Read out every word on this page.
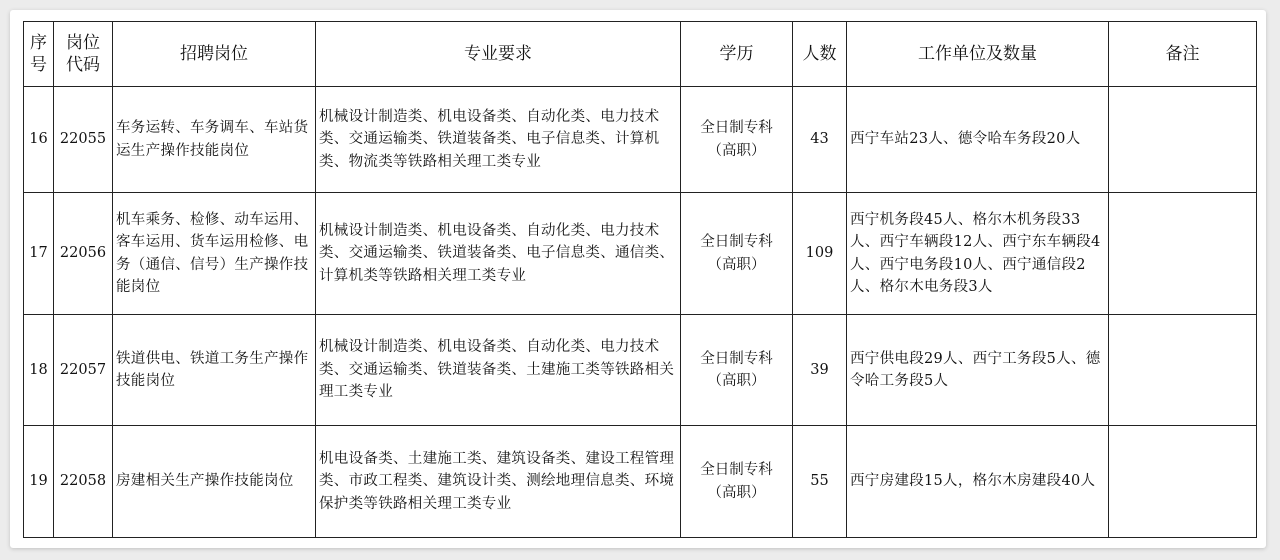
序号	岗位代码	招聘岗位	专业要求	学历	人数	工作单位及数量	备注
16	22055	车务运转、车务调车、车站货运生产操作技能岗位	机械设计制造类、机电设备类、自动化类、电力技术类、交通运输类、铁道装备类、电子信息类、计算机类、物流类等铁路相关理工类专业	全日制专科（高职）	43	西宁车站23人、德令哈车务段20人	
17	22056	机车乘务、检修、动车运用、客车运用、货车运用检修、电务（通信、信号）生产操作技能岗位	机械设计制造类、机电设备类、自动化类、电力技术类、交通运输类、铁道装备类、电子信息类、通信类、计算机类等铁路相关理工类专业	全日制专科（高职）	109	西宁机务段45人、格尔木机务段33人、西宁车辆段12人、西宁东车辆段4人、西宁电务段10人、西宁通信段2人、格尔木电务段3人	
18	22057	铁道供电、铁道工务生产操作技能岗位	机械设计制造类、机电设备类、自动化类、电力技术类、交通运输类、铁道装备类、土建施工类等铁路相关理工类专业	全日制专科（高职）	39	西宁供电段29人、西宁工务段5人、德令哈工务段5人	
19	22058	房建相关生产操作技能岗位	机电设备类、土建施工类、建筑设备类、建设工程管理类、市政工程类、建筑设计类、测绘地理信息类、环境保护类等铁路相关理工类专业	全日制专科（高职）	55	西宁房建段15人，格尔木房建段40人	
